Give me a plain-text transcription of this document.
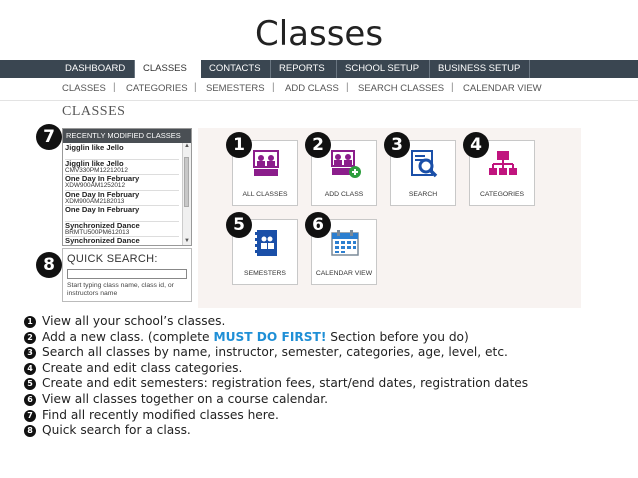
Classes
DASHBOARD	CLASSES	CONTACTS	REPORTS	SCHOOL SETUP	BUSINESS SETUP
CLASSES | CATEGORIES | SEMESTERS | ADD CLASS | SEARCH CLASSES | CALENDAR VIEW
CLASSES
RECENTLY MODIFIED CLASSES
Jigglin like Jello
Jigglin like Jello
CMV330PM12212012
One Day In February
XDW900AM1252012
One Day In February
XDM900AM2182013
One Day In February
Synchronized Dance
BRMTU500PM612013
Synchronized Dance
▲
▼
QUICK SEARCH:
Start typing class name, class id, or instructors name
ALL CLASSES	ADD CLASS	SEARCH	CATEGORIES
SEMESTERS	CALENDAR VIEW
1	2	3	4
5	6
7
8
1 View all your school’s classes.
2 Add a new class. (complete MUST DO FIRST! Section before you do)
3 Search all classes by name, instructor, semester, categories, age, level, etc.
4 Create and edit class categories.
5 Create and edit semesters: registration fees, start/end dates, registration dates
6 View all classes together on a course calendar.
7 Find all recently modified classes here.
8 Quick search for a class.
